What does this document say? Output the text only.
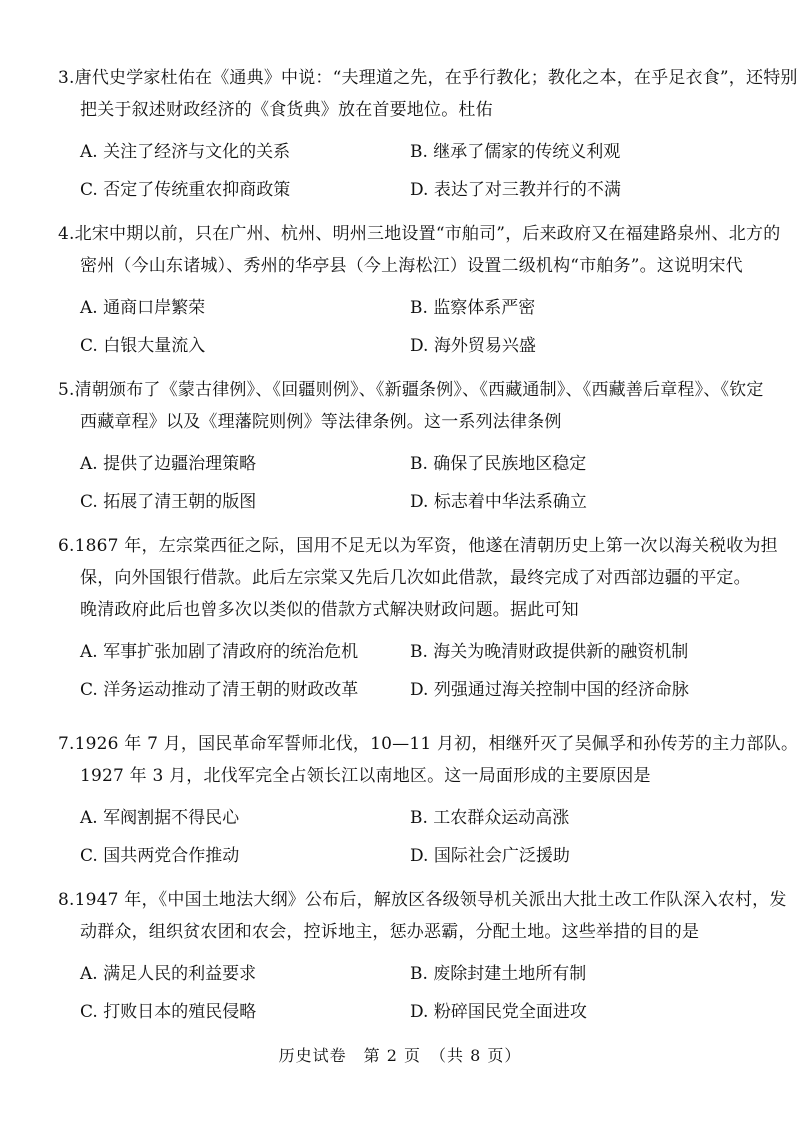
3.唐代史学家杜佑在《通典》中说：“夫理道之先，在乎行教化；教化之本，在乎足衣食”，还特别
把关于叙述财政经济的《食货典》放在首要地位。杜佑
A. 关注了经济与文化的关系	B. 继承了儒家的传统义利观
C. 否定了传统重农抑商政策	D. 表达了对三教并行的不满
4.北宋中期以前，只在广州、杭州、明州三地设置“市舶司”，后来政府又在福建路泉州、北方的
密州（今山东诸城）、秀州的华亭县（今上海松江）设置二级机构“市舶务”。这说明宋代
A. 通商口岸繁荣	B. 监察体系严密
C. 白银大量流入	D. 海外贸易兴盛
5.清朝颁布了《蒙古律例》、《回疆则例》、《新疆条例》、《西藏通制》、《西藏善后章程》、《钦定
西藏章程》以及《理藩院则例》等法律条例。这一系列法律条例
A. 提供了边疆治理策略	B. 确保了民族地区稳定
C. 拓展了清王朝的版图	D. 标志着中华法系确立
6.1867 年，左宗棠西征之际，国用不足无以为军资，他遂在清朝历史上第一次以海关税收为担
保，向外国银行借款。此后左宗棠又先后几次如此借款，最终完成了对西部边疆的平定。
晚清政府此后也曾多次以类似的借款方式解决财政问题。据此可知
A. 军事扩张加剧了清政府的统治危机	B. 海关为晚清财政提供新的融资机制
C. 洋务运动推动了清王朝的财政改革	D. 列强通过海关控制中国的经济命脉
7.1926 年 7 月，国民革命军誓师北伐，10—11 月初，相继歼灭了吴佩孚和孙传芳的主力部队。
1927 年 3 月，北伐军完全占领长江以南地区。这一局面形成的主要原因是
A. 军阀割据不得民心	B. 工农群众运动高涨
C. 国共两党合作推动	D. 国际社会广泛援助
8.1947 年，《中国土地法大纲》公布后，解放区各级领导机关派出大批土改工作队深入农村，发
动群众，组织贫农团和农会，控诉地主，惩办恶霸，分配土地。这些举措的目的是
A. 满足人民的利益要求	B. 废除封建土地所有制
C. 打败日本的殖民侵略	D. 粉碎国民党全面进攻
历史试卷　第 2 页　（共 8 页）
